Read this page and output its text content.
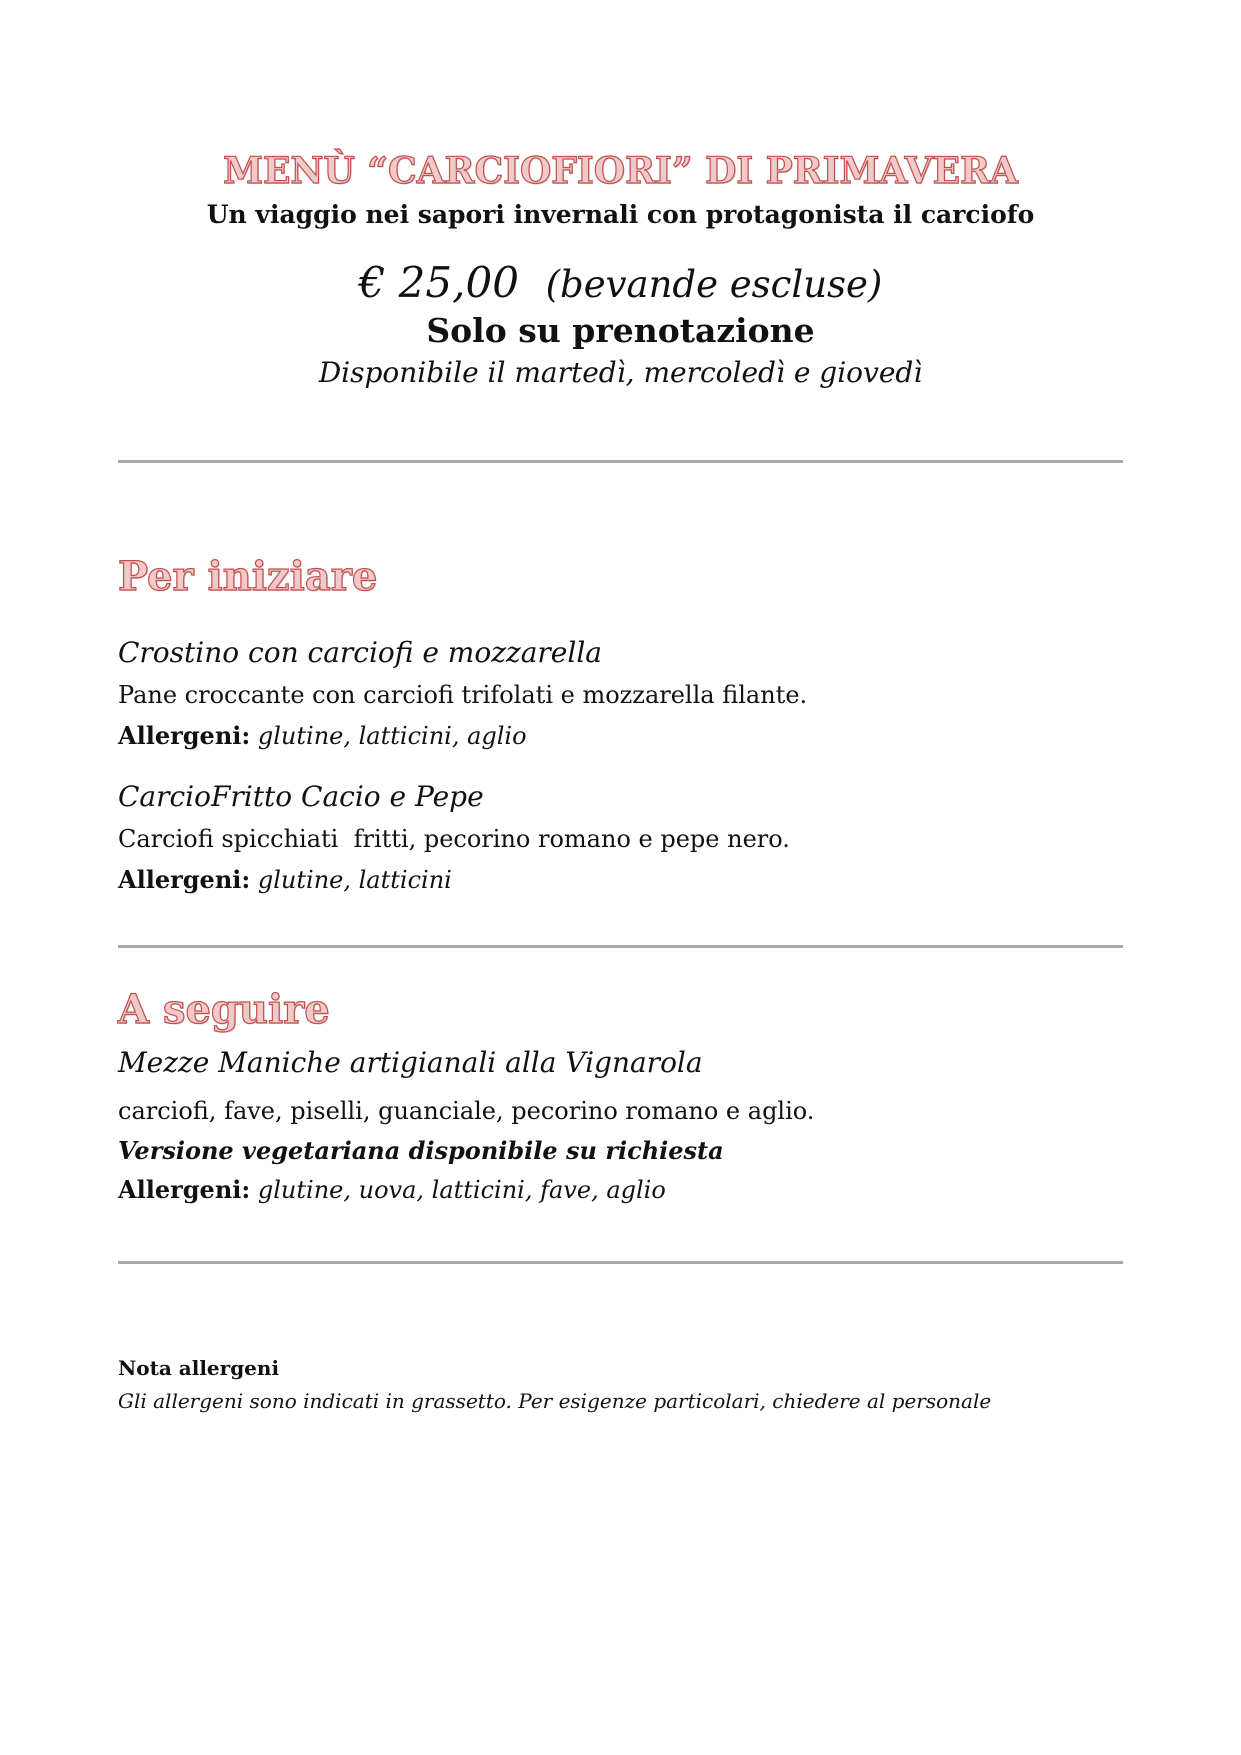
MENÙ “CARCIOFIORI” DI PRIMAVERA
Un viaggio nei sapori invernali con protagonista il carciofo
€ 25,00 (bevande escluse)
Solo su prenotazione
Disponibile il martedì, mercoledì e giovedì
Per iniziare
Crostino con carciofi e mozzarella
Pane croccante con carciofi trifolati e mozzarella filante.
Allergeni: glutine, latticini, aglio
CarcioFritto Cacio e Pepe
Carciofi spicchiati  fritti, pecorino romano e pepe nero.
Allergeni: glutine, latticini
A seguire
Mezze Maniche artigianali alla Vignarola
carciofi, fave, piselli, guanciale, pecorino romano e aglio.
Versione vegetariana disponibile su richiesta
Allergeni: glutine, uova, latticini, fave, aglio
Nota allergeni
Gli allergeni sono indicati in grassetto. Per esigenze particolari, chiedere al personale
